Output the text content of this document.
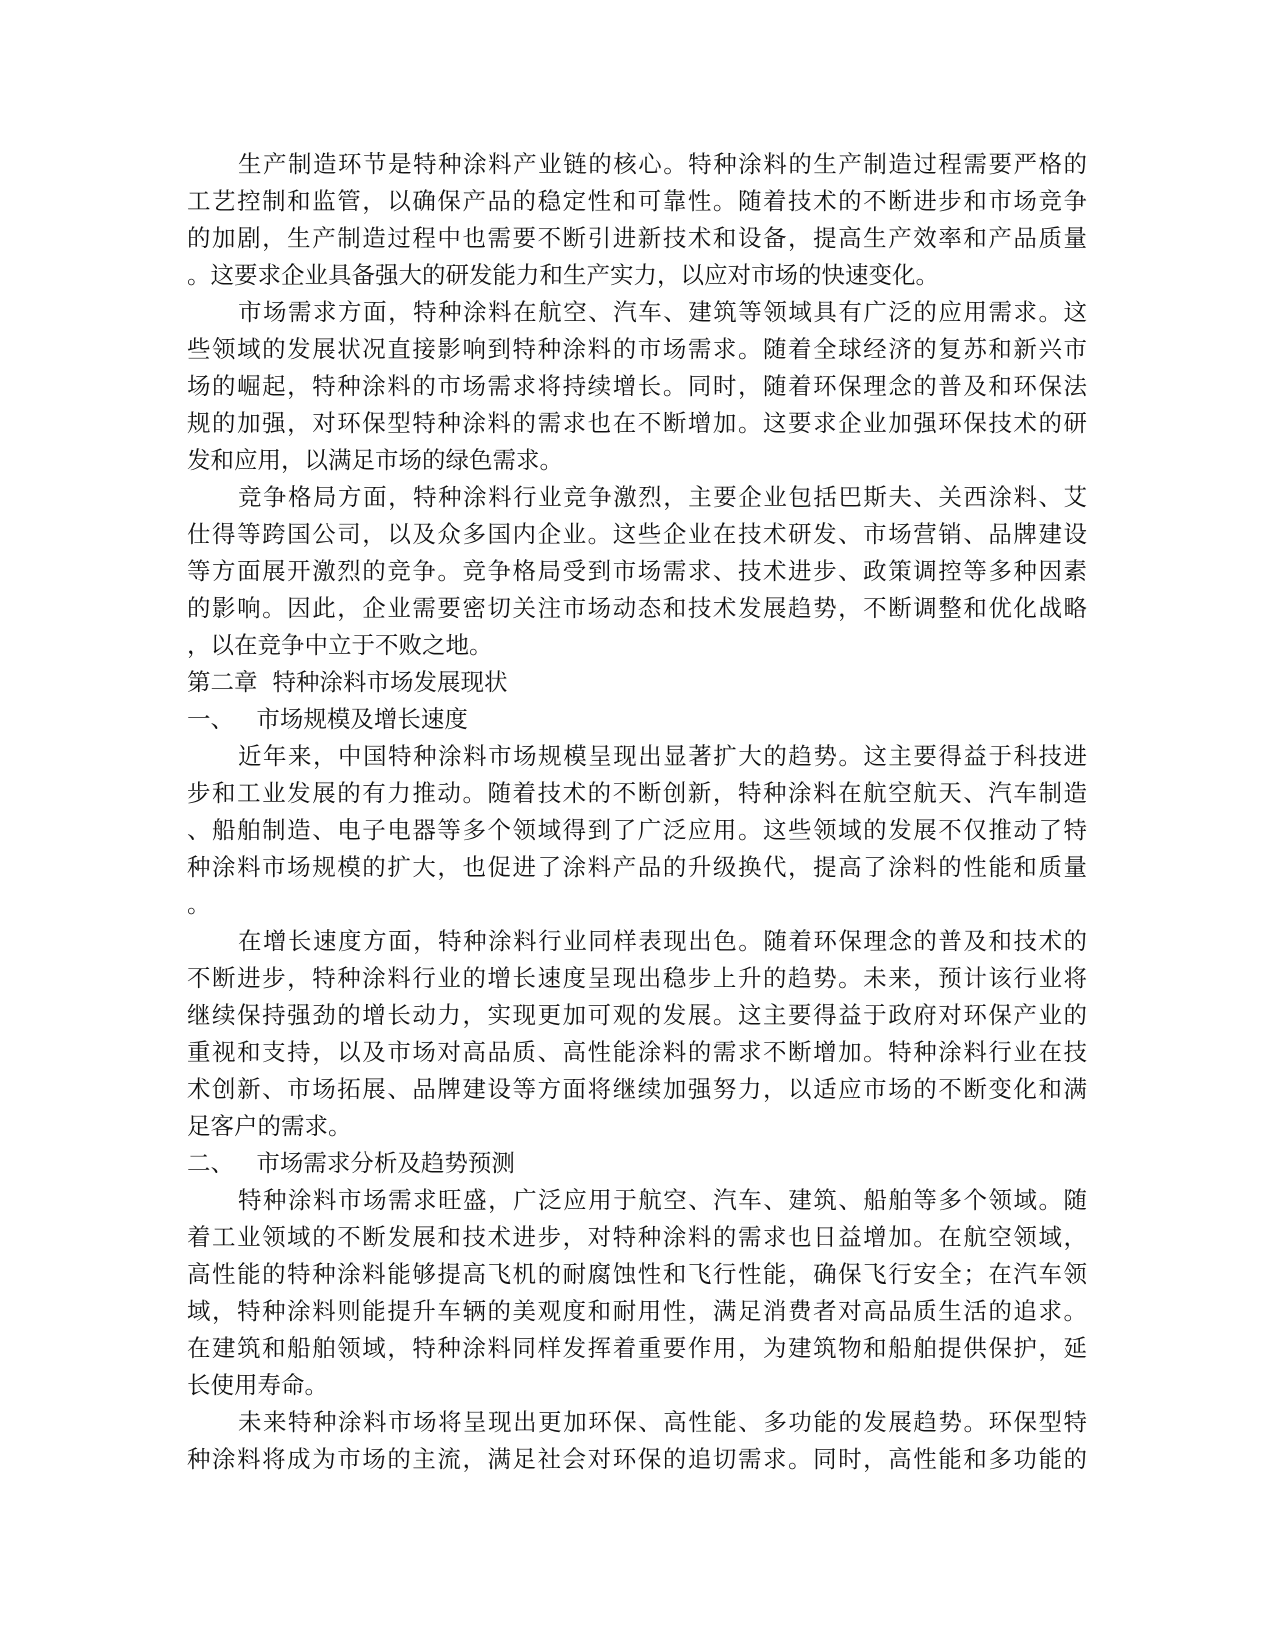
生产制造环节是特种涂料产业链的核心。特种涂料的生产制造过程需要严格的
工艺控制和监管，以确保产品的稳定性和可靠性。随着技术的不断进步和市场竞争
的加剧，生产制造过程中也需要不断引进新技术和设备，提高生产效率和产品质量
。这要求企业具备强大的研发能力和生产实力，以应对市场的快速变化。
市场需求方面，特种涂料在航空、汽车、建筑等领域具有广泛的应用需求。这
些领域的发展状况直接影响到特种涂料的市场需求。随着全球经济的复苏和新兴市
场的崛起，特种涂料的市场需求将持续增长。同时，随着环保理念的普及和环保法
规的加强，对环保型特种涂料的需求也在不断增加。这要求企业加强环保技术的研
发和应用，以满足市场的绿色需求。
竞争格局方面，特种涂料行业竞争激烈，主要企业包括巴斯夫、关西涂料、艾
仕得等跨国公司，以及众多国内企业。这些企业在技术研发、市场营销、品牌建设
等方面展开激烈的竞争。竞争格局受到市场需求、技术进步、政策调控等多种因素
的影响。因此，企业需要密切关注市场动态和技术发展趋势，不断调整和优化战略
，以在竞争中立于不败之地。
第二章  特种涂料市场发展现状
一、   市场规模及增长速度
近年来，中国特种涂料市场规模呈现出显著扩大的趋势。这主要得益于科技进
步和工业发展的有力推动。随着技术的不断创新，特种涂料在航空航天、汽车制造
、船舶制造、电子电器等多个领域得到了广泛应用。这些领域的发展不仅推动了特
种涂料市场规模的扩大，也促进了涂料产品的升级换代，提高了涂料的性能和质量
。
在增长速度方面，特种涂料行业同样表现出色。随着环保理念的普及和技术的
不断进步，特种涂料行业的增长速度呈现出稳步上升的趋势。未来，预计该行业将
继续保持强劲的增长动力，实现更加可观的发展。这主要得益于政府对环保产业的
重视和支持，以及市场对高品质、高性能涂料的需求不断增加。特种涂料行业在技
术创新、市场拓展、品牌建设等方面将继续加强努力，以适应市场的不断变化和满
足客户的需求。
二、   市场需求分析及趋势预测
特种涂料市场需求旺盛，广泛应用于航空、汽车、建筑、船舶等多个领域。随
着工业领域的不断发展和技术进步，对特种涂料的需求也日益增加。在航空领域，
高性能的特种涂料能够提高飞机的耐腐蚀性和飞行性能，确保飞行安全；在汽车领
域，特种涂料则能提升车辆的美观度和耐用性，满足消费者对高品质生活的追求。
在建筑和船舶领域，特种涂料同样发挥着重要作用，为建筑物和船舶提供保护，延
长使用寿命。
未来特种涂料市场将呈现出更加环保、高性能、多功能的发展趋势。环保型特
种涂料将成为市场的主流，满足社会对环保的追切需求。同时，高性能和多功能的
